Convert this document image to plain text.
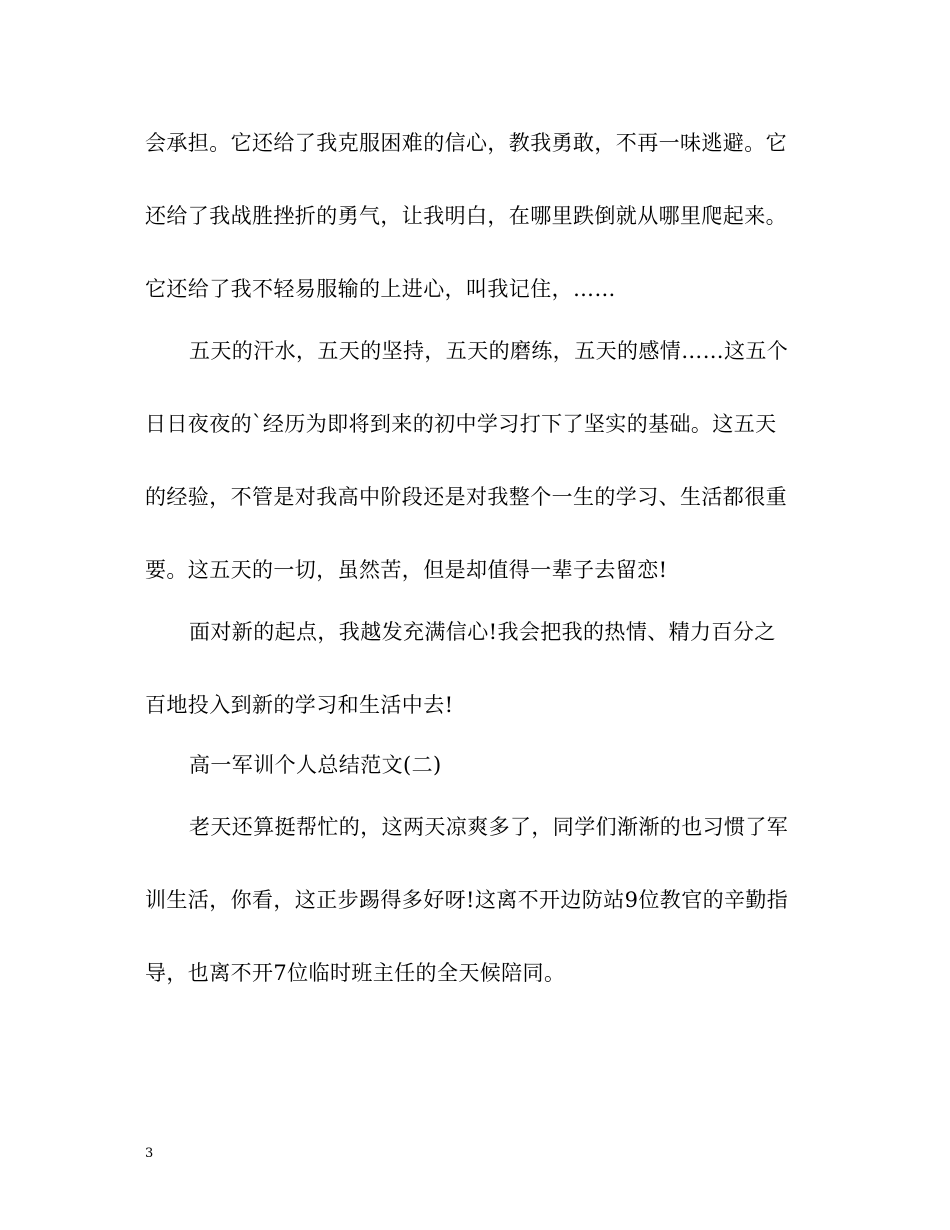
会承担。它还给了我克服困难的信心，教我勇敢，不再一味逃避。它
还给了我战胜挫折的勇气，让我明白，在哪里跌倒就从哪里爬起来。
它还给了我不轻易服输的上进心，叫我记住，……
五天的汗水，五天的坚持，五天的磨练，五天的感情……这五个
日日夜夜的`经历为即将到来的初中学习打下了坚实的基础。这五天
的经验，不管是对我高中阶段还是对我整个一生的学习、生活都很重
要。这五天的一切，虽然苦，但是却值得一辈子去留恋!
面对新的起点，我越发充满信心!我会把我的热情、精力百分之
百地投入到新的学习和生活中去!
高一军训个人总结范文(二)
老天还算挺帮忙的，这两天凉爽多了，同学们渐渐的也习惯了军
训生活，你看，这正步踢得多好呀!这离不开边防站9位教官的辛勤指
导，也离不开7位临时班主任的全天候陪同。
3
